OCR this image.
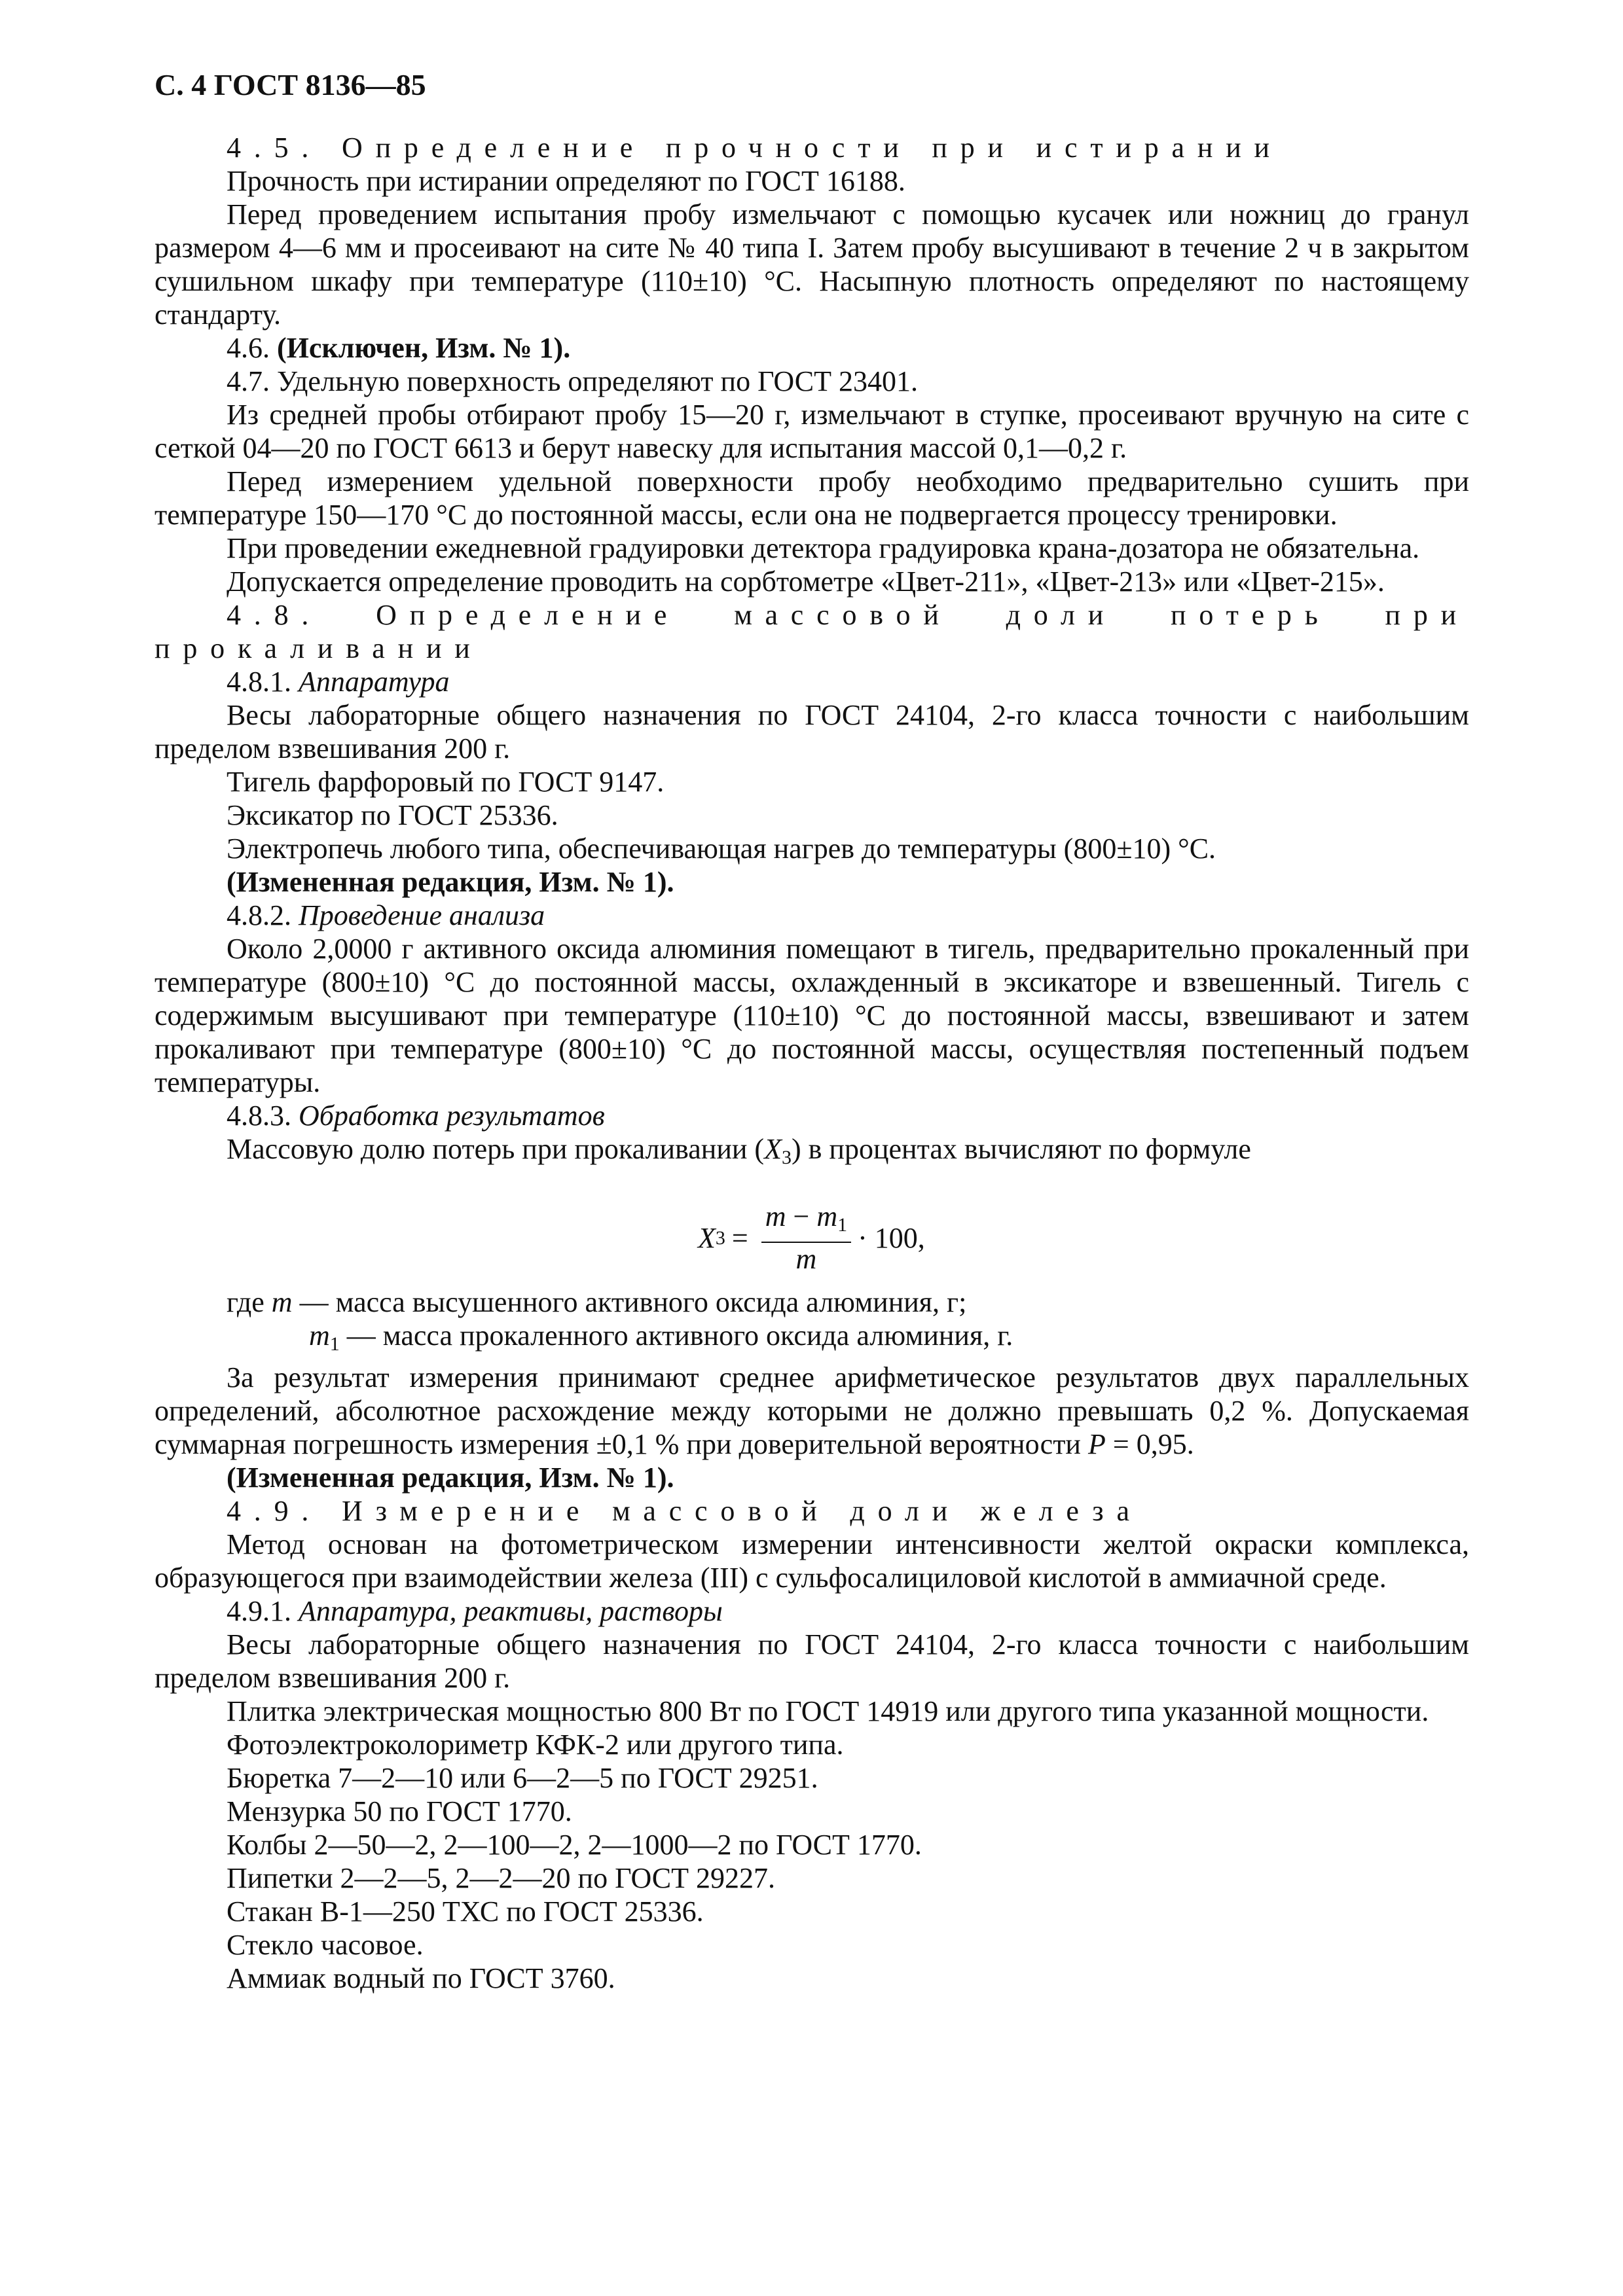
С. 4 ГОСТ 8136—85

4.5. Определение прочности при истирании

Прочность при истирании определяют по ГОСТ 16188.

Перед проведением испытания пробу измельчают с помощью кусачек или ножниц до гранул размером 4—6 мм и просеивают на сите № 40 типа I. Затем пробу высушивают в течение 2 ч в закрытом сушильном шкафу при температуре (110±10) °С. Насыпную плотность определяют по настоящему стандарту.

4.6. (Исключен, Изм. № 1).

4.7. Удельную поверхность определяют по ГОСТ 23401.

Из средней пробы отбирают пробу 15—20 г, измельчают в ступке, просеивают вручную на сите с сеткой 04—20 по ГОСТ 6613 и берут навеску для испытания массой 0,1—0,2 г.

Перед измерением удельной поверхности пробу необходимо предварительно сушить при температуре 150—170 °С до постоянной массы, если она не подвергается процессу тренировки.

При проведении ежедневной градуировки детектора градуировка крана-дозатора не обязательна.

Допускается определение проводить на сорбтометре «Цвет-211», «Цвет-213» или «Цвет-215».

4.8. Определение массовой доли потерь при прокаливании

4.8.1. Аппаратура

Весы лабораторные общего назначения по ГОСТ 24104, 2-го класса точности с наибольшим пределом взвешивания 200 г.

Тигель фарфоровый по ГОСТ 9147.

Эксикатор по ГОСТ 25336.

Электропечь любого типа, обеспечивающая нагрев до температуры (800±10) °С.

(Измененная редакция, Изм. № 1).

4.8.2. Проведение анализа

Около 2,0000 г активного оксида алюминия помещают в тигель, предварительно прокаленный при температуре (800±10) °С до постоянной массы, охлажденный в эксикаторе и взвешенный. Тигель с содержимым высушивают при температуре (110±10) °С до постоянной массы, взвешивают и затем прокаливают при температуре (800±10) °С до постоянной массы, осуществляя постепенный подъем температуры.

4.8.3. Обработка результатов

Массовую долю потерь при прокаливании $(X_3)$ в процентах вычисляют по формуле

X $3 = \frac{m - m_1}{m} \cdot 100$,

где m — масса высушенного активного оксида алюминия, г;

$m_1$ — масса прокаленного активного оксида алюминия, г.

За результат измерения принимают среднее арифметическое результатов двух параллельных определений, абсолютное расхождение между которыми не должно превышать 0,2 %. Допускаемая суммарная погрешность измерения ±0,1 % при доверительной вероятности P = 0,95.

(Измененная редакция, Изм. № 1).

4.9. Измерение массовой доли железа

Метод основан на фотометрическом измерении интенсивности желтой окраски комплекса, образующегося при взаимодействии железа (III) с сульфосалициловой кислотой в аммиачной среде.

4.9.1. Аппаратура, реактивы, растворы

Весы лабораторные общего назначения по ГОСТ 24104, 2-го класса точности с наибольшим пределом взвешивания 200 г.

Плитка электрическая мощностью 800 Вт по ГОСТ 14919 или другого типа указанной мощности.

Фотоэлектроколориметр КФК-2 или другого типа.

Бюретка 7—2—10 или 6—2—5 по ГОСТ 29251.

Мензурка 50 по ГОСТ 1770.

Колбы 2—50—2, 2—100—2, 2—1000—2 по ГОСТ 1770.

Пипетки 2—2—5, 2—2—20 по ГОСТ 29227.

Стакан В-1—250 ТХС по ГОСТ 25336.

Стекло часовое.

Аммиак водный по ГОСТ 3760.
